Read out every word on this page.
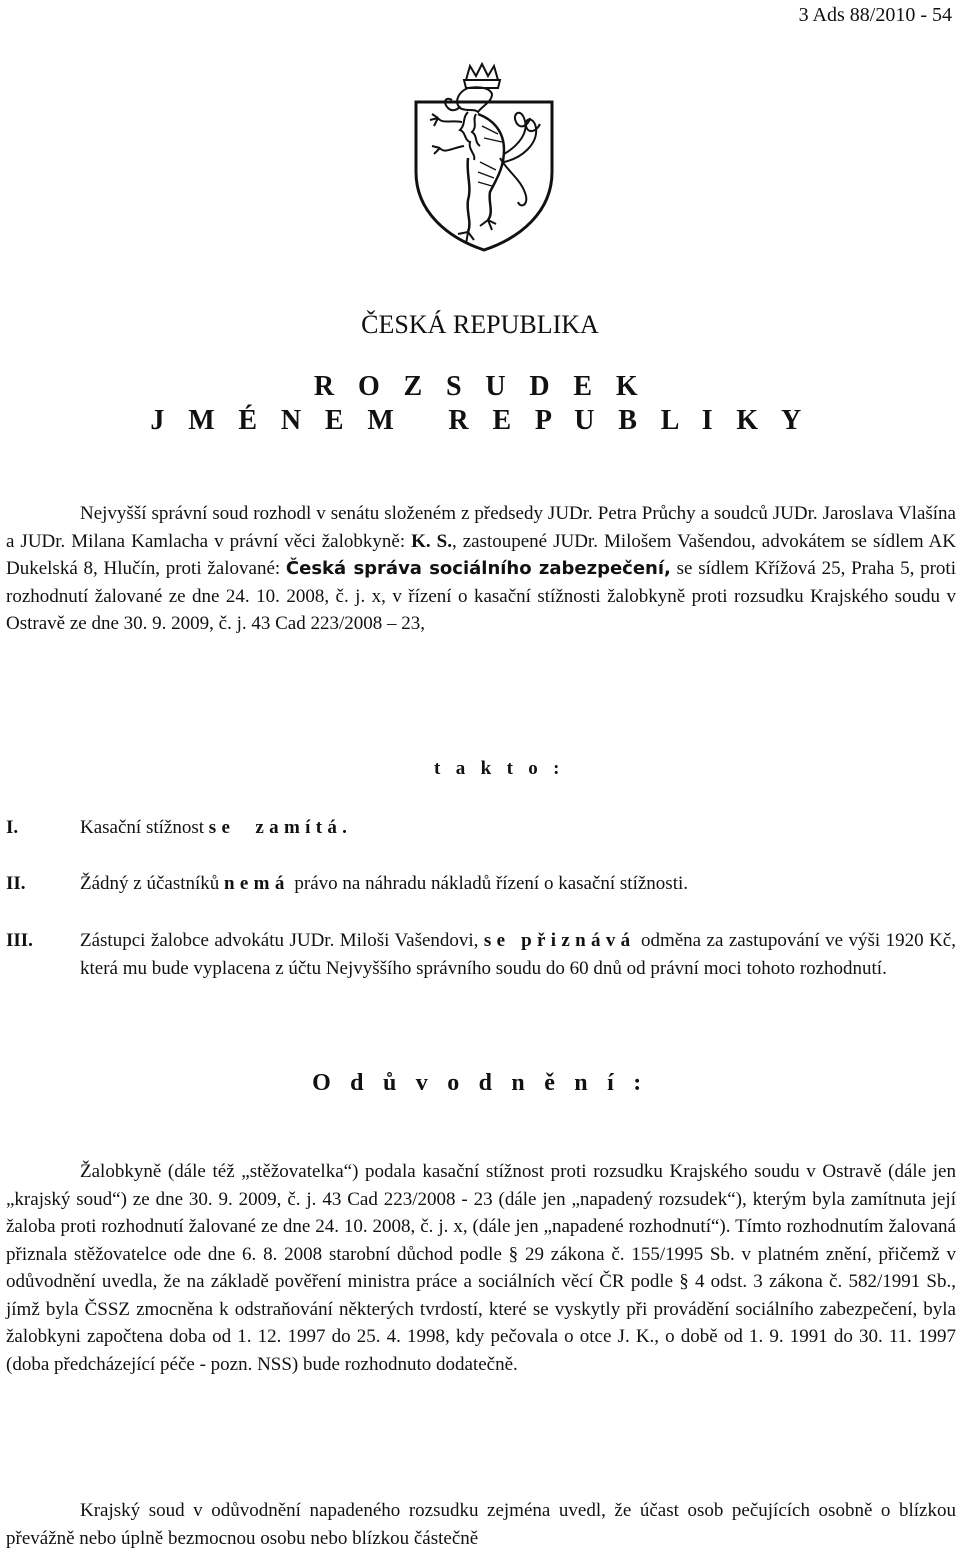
3 Ads 88/2010 - 54
ČESKÁ REPUBLIKA
R O Z S U D E K
J M É N E M   R E P U B L I K Y
Nejvyšší správní soud rozhodl v senátu složeném z předsedy JUDr. Petra Průchy a soudců JUDr. Jaroslava Vlašína a JUDr. Milana Kamlacha v právní věci žalobkyně: K. S., zastoupené JUDr. Milošem Vašendou, advokátem se sídlem AK Dukelská 8, Hlučín, proti žalované: Česká správa sociálního zabezpečení, se sídlem Křížová 25, Praha 5, proti rozhodnutí žalované ze dne 24. 10. 2008, č. j. x, v řízení o kasační stížnosti žalobkyně proti rozsudku Krajského soudu v Ostravě ze dne 30. 9. 2009, č. j. 43 Cad 223/2008 – 23,
t a k t o :
I.	Kasační stížnost se  zamítá.
II.	Žádný z účastníků nemá právo na náhradu nákladů řízení o kasační stížnosti.
III. Zástupci žalobce advokátu JUDr. Miloši Vašendovi, se přiznává odměna za zastupování ve výši 1920 Kč, která mu bude vyplacena z účtu Nejvyššího správního soudu do 60 dnů od právní moci tohoto rozhodnutí.
O d ů v o d n ě n í :
Žalobkyně (dále též „stěžovatelka“) podala kasační stížnost proti rozsudku Krajského soudu v Ostravě (dále jen „krajský soud“) ze dne 30. 9. 2009, č. j. 43 Cad 223/2008 - 23 (dále jen „napadený rozsudek“), kterým byla zamítnuta její žaloba proti rozhodnutí žalované ze dne 24. 10. 2008, č. j. x, (dále jen „napadené rozhodnutí“). Tímto rozhodnutím žalovaná přiznala stěžovatelce ode dne 6. 8. 2008 starobní důchod podle § 29 zákona č. 155/1995 Sb. v platném znění, přičemž v odůvodnění uvedla, že na základě pověření ministra práce a sociálních věcí ČR podle § 4 odst. 3 zákona č. 582/1991 Sb., jímž byla ČSSZ zmocněna k odstraňování některých tvrdostí, které se vyskytly při provádění sociálního zabezpečení, byla žalobkyni započtena doba od 1. 12. 1997 do 25. 4. 1998, kdy pečovala o otce J. K., o době od 1. 9. 1991 do 30. 11. 1997 (doba předcházející péče - pozn. NSS) bude rozhodnuto dodatečně.
Krajský soud v odůvodnění napadeného rozsudku zejména uvedl, že účast osob pečujících osobně o blízkou převážně nebo úplně bezmocnou osobu nebo blízkou částečně
